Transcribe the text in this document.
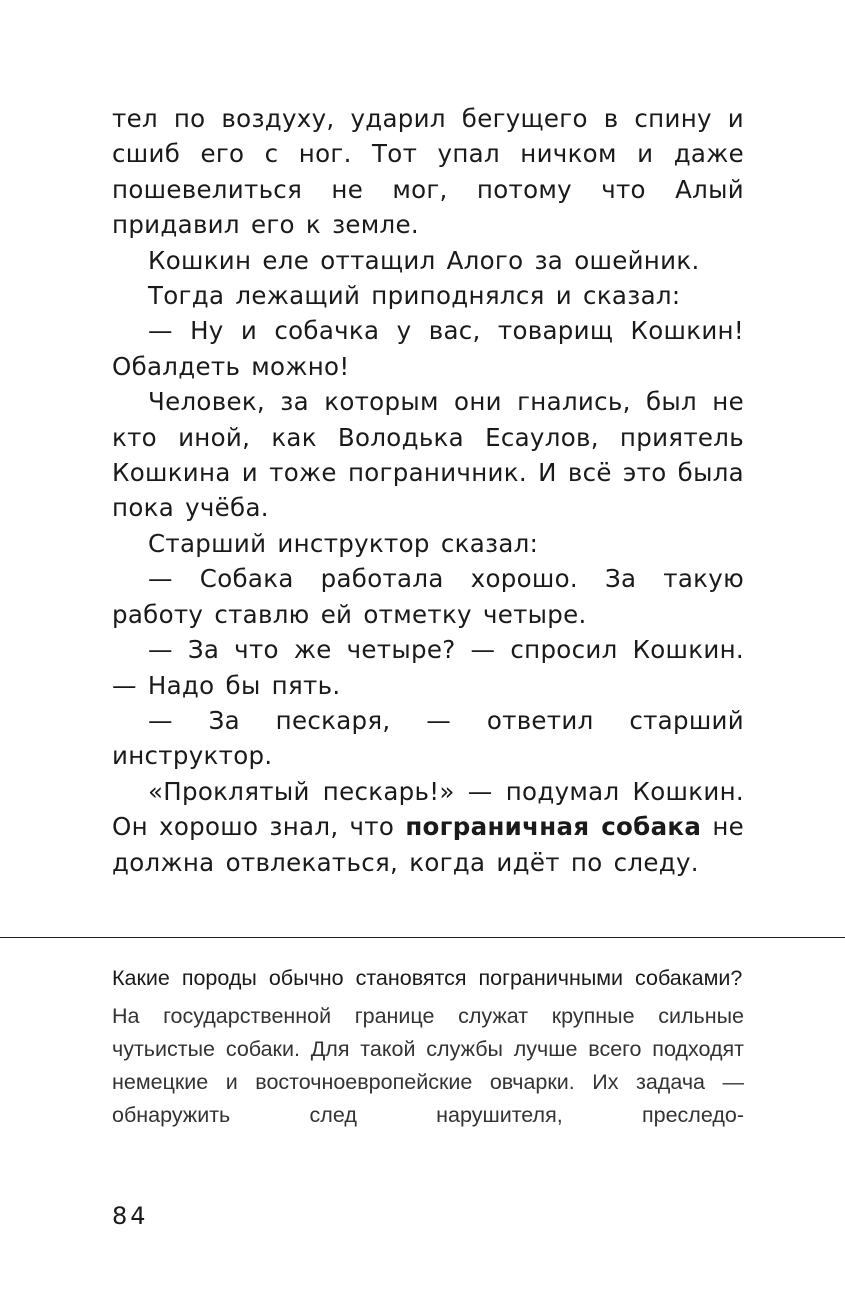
тел по воздуху, ударил бегущего в спину и сшиб его с ног. Тот упал ничком и даже пошевелиться не мог, потому что Алый придавил его к земле.

Кошкин еле оттащил Алого за ошейник.

Тогда лежащий приподнялся и сказал:

— Ну и собачка у вас, товарищ Кошкин! Обалдеть можно!

Человек, за которым они гнались, был не кто иной, как Володька Есаулов, приятель Кошкина и тоже пограничник. И всё это была пока учёба.

Старший инструктор сказал:

— Собака работала хорошо. За такую работу ставлю ей отметку четыре.

— За что же четыре? — спросил Кошкин. — Надо бы пять.

— За пескаря, — ответил старший инструктор.

«Проклятый пескарь!» — подумал Кошкин. Он хорошо знал, что пограничная собака не должна отвлекаться, когда идёт по следу.

Какие породы обычно становятся пограничными собаками?

На государственной границе служат крупные сильные чутьистые собаки. Для такой службы лучше всего подходят немецкие и восточноевропейские овчарки. Их задача — обнаружить след нарушителя, преследо-

84
